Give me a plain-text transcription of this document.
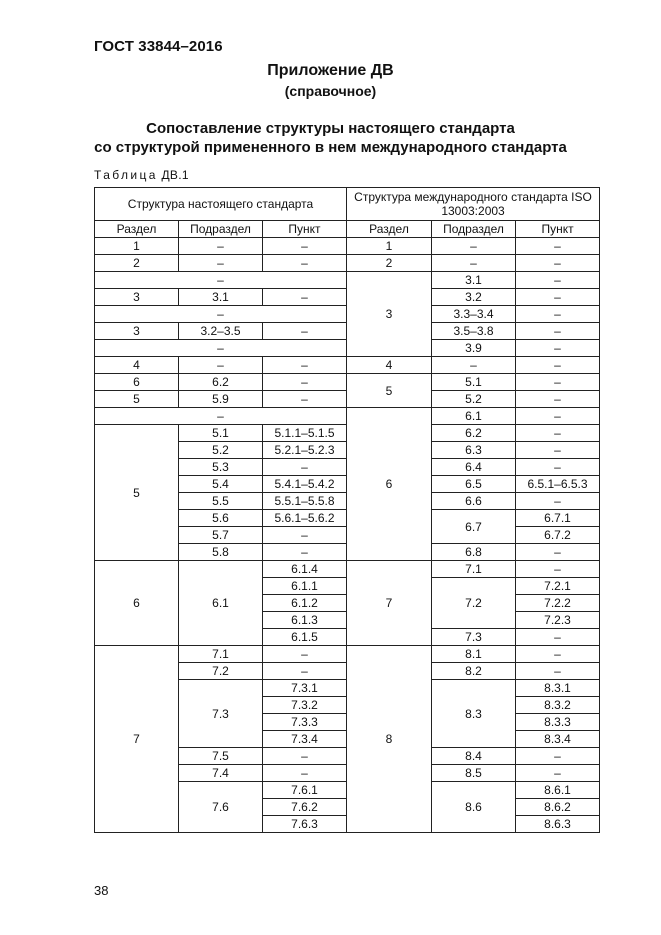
ГОСТ 33844–2016
Приложение ДВ
(справочное)
Сопоставление структуры настоящего стандарта
со структурой примененного в нем международного стандарта
Таблица ДВ.1
Структура настоящего стандарта			Структура международного стандарта ISO 13003:2003		
Раздел	Подраздел	Пункт	Раздел	Подраздел	Пункт
1	–	–	1	–	–
2	–	–	2	–	–
–			3	3.1	–
3	3.1	–		3.2	–
–				3.3–3.4	–
3	3.2–3.5	–		3.5–3.8	–
–				3.9	–
4	–	–	4	–	–
6	6.2	–	5	5.1	–
5	5.9	–		5.2	–
–			6	6.1	–
5	5.1	5.1.1–5.1.5		6.2	–
	5.2	5.2.1–5.2.3		6.3	–
	5.3	–		6.4	–
	5.4	5.4.1–5.4.2		6.5	6.5.1–6.5.3
	5.5	5.5.1–5.5.8		6.6	–
	5.6	5.6.1–5.6.2		6.7	6.7.1
	5.7	–			6.7.2
	5.8	–		6.8	–
6	6.1	6.1.4	7	7.1	–
		6.1.1		7.2	7.2.1
		6.1.2			7.2.2
		6.1.3			7.2.3
		6.1.5		7.3	–
7	7.1	–	8	8.1	–
	7.2	–		8.2	–
	7.3	7.3.1		8.3	8.3.1
		7.3.2			8.3.2
		7.3.3			8.3.3
		7.3.4			8.3.4
	7.5	–		8.4	–
	7.4	–		8.5	–
	7.6	7.6.1		8.6	8.6.1
		7.6.2			8.6.2
		7.6.3			8.6.3
38
